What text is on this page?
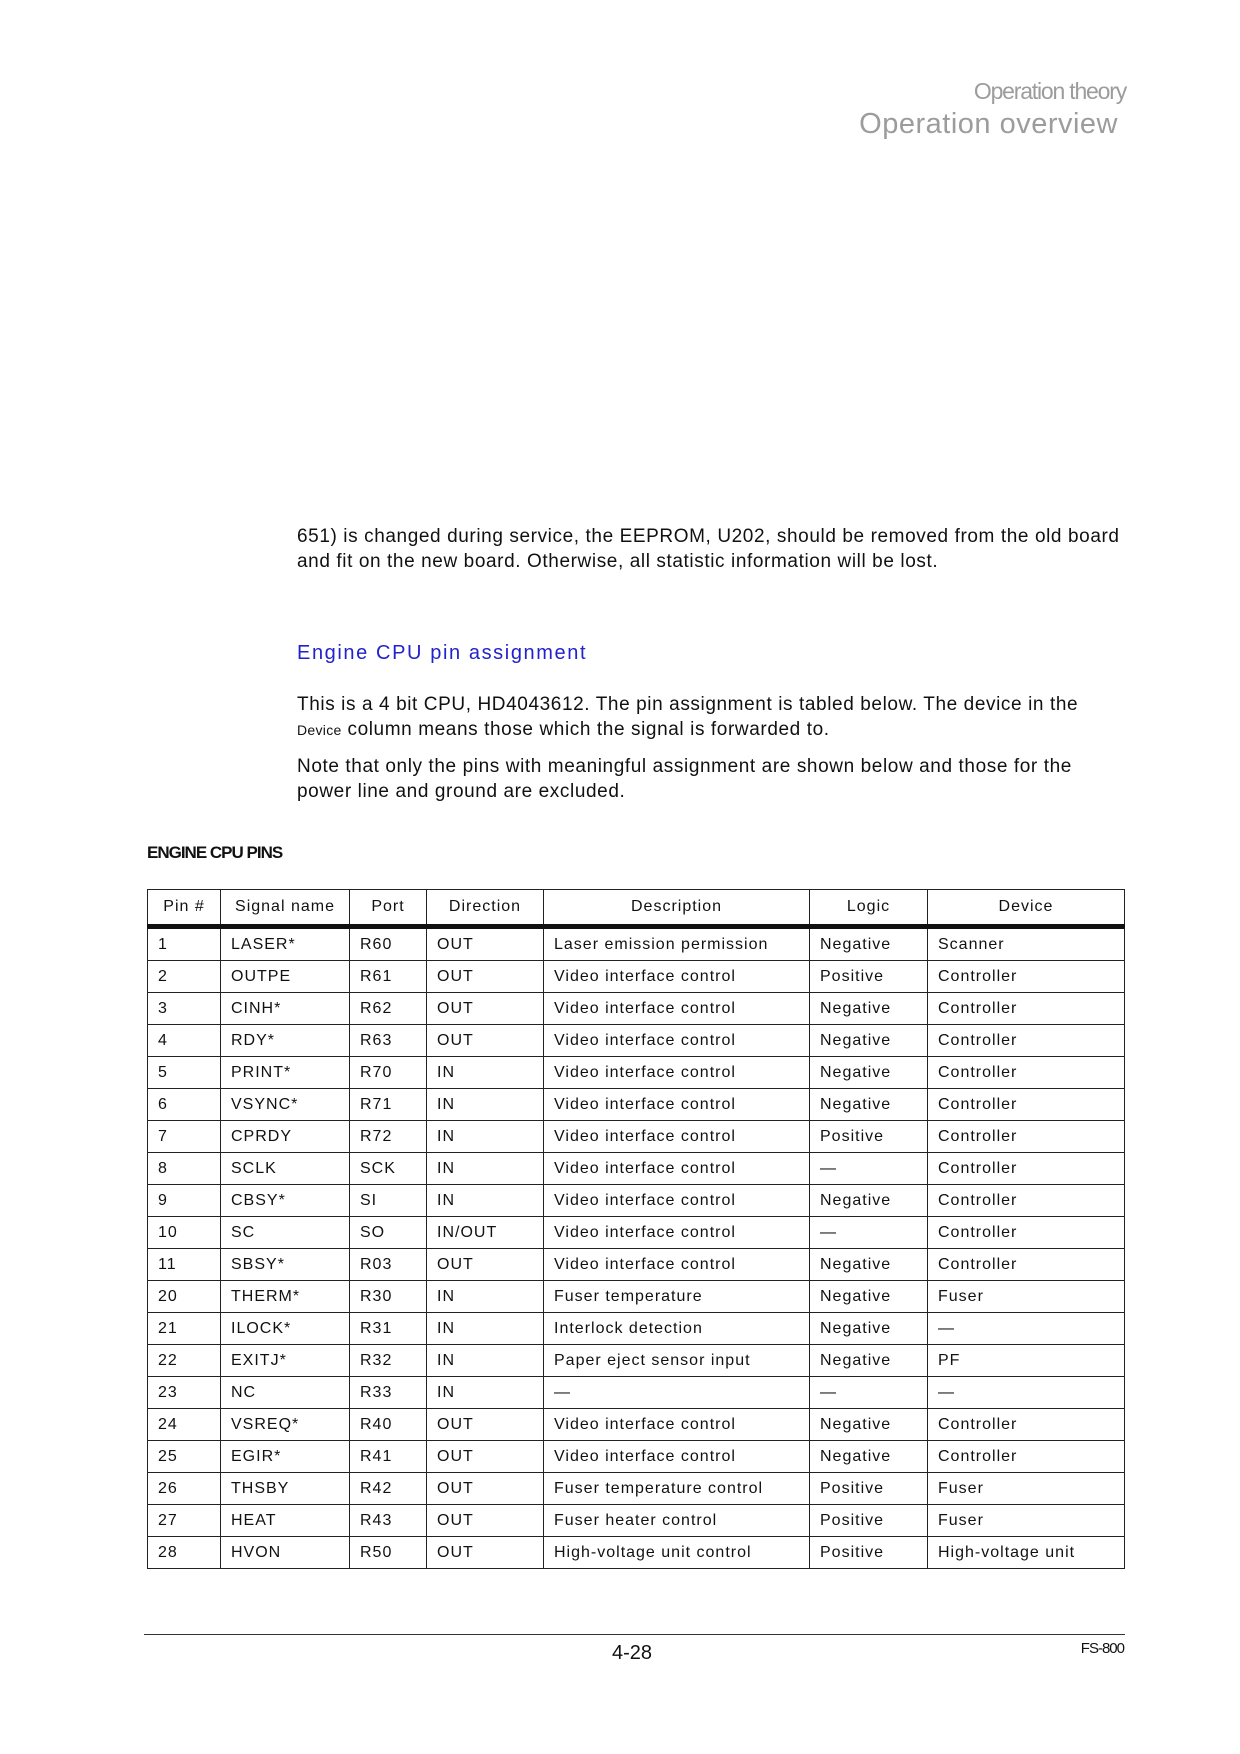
Operation theory
Operation overview

651) is changed during service, the EEPROM, U202, should be removed from the old board and fit on the new board. Otherwise, all statistic information will be lost.

Engine CPU pin assignment

This is a 4 bit CPU, HD4043612. The pin assignment is tabled below. The device in the Device column means those which the signal is forwarded to.

Note that only the pins with meaningful assignment are shown below and those for the power line and ground are excluded.

ENGINE CPU PINS
Pin #	Signal name	Port	Direction	Description	Logic	Device
1	LASER*	R60	OUT	Laser emission permission	Negative	Scanner
2	OUTPE	R61	OUT	Video interface control	Positive	Controller
3	CINH*	R62	OUT	Video interface control	Negative	Controller
4	RDY*	R63	OUT	Video interface control	Negative	Controller
5	PRINT*	R70	IN	Video interface control	Negative	Controller
6	VSYNC*	R71	IN	Video interface control	Negative	Controller
7	CPRDY	R72	IN	Video interface control	Positive	Controller
8	SCLK	SCK	IN	Video interface control	—	Controller
9	CBSY*	SI	IN	Video interface control	Negative	Controller
10	SC	SO	IN/OUT	Video interface control	—	Controller
11	SBSY*	R03	OUT	Video interface control	Negative	Controller
20	THERM*	R30	IN	Fuser temperature	Negative	Fuser
21	ILOCK*	R31	IN	Interlock detection	Negative	—
22	EXITJ*	R32	IN	Paper eject sensor input	Negative	PF
23	NC	R33	IN	—	—	—
24	VSREQ*	R40	OUT	Video interface control	Negative	Controller
25	EGIR*	R41	OUT	Video interface control	Negative	Controller
26	THSBY	R42	OUT	Fuser temperature control	Positive	Fuser
27	HEAT	R43	OUT	Fuser heater control	Positive	Fuser
28	HVON	R50	OUT	High-voltage unit control	Positive	High-voltage unit
4-28	FS-800
